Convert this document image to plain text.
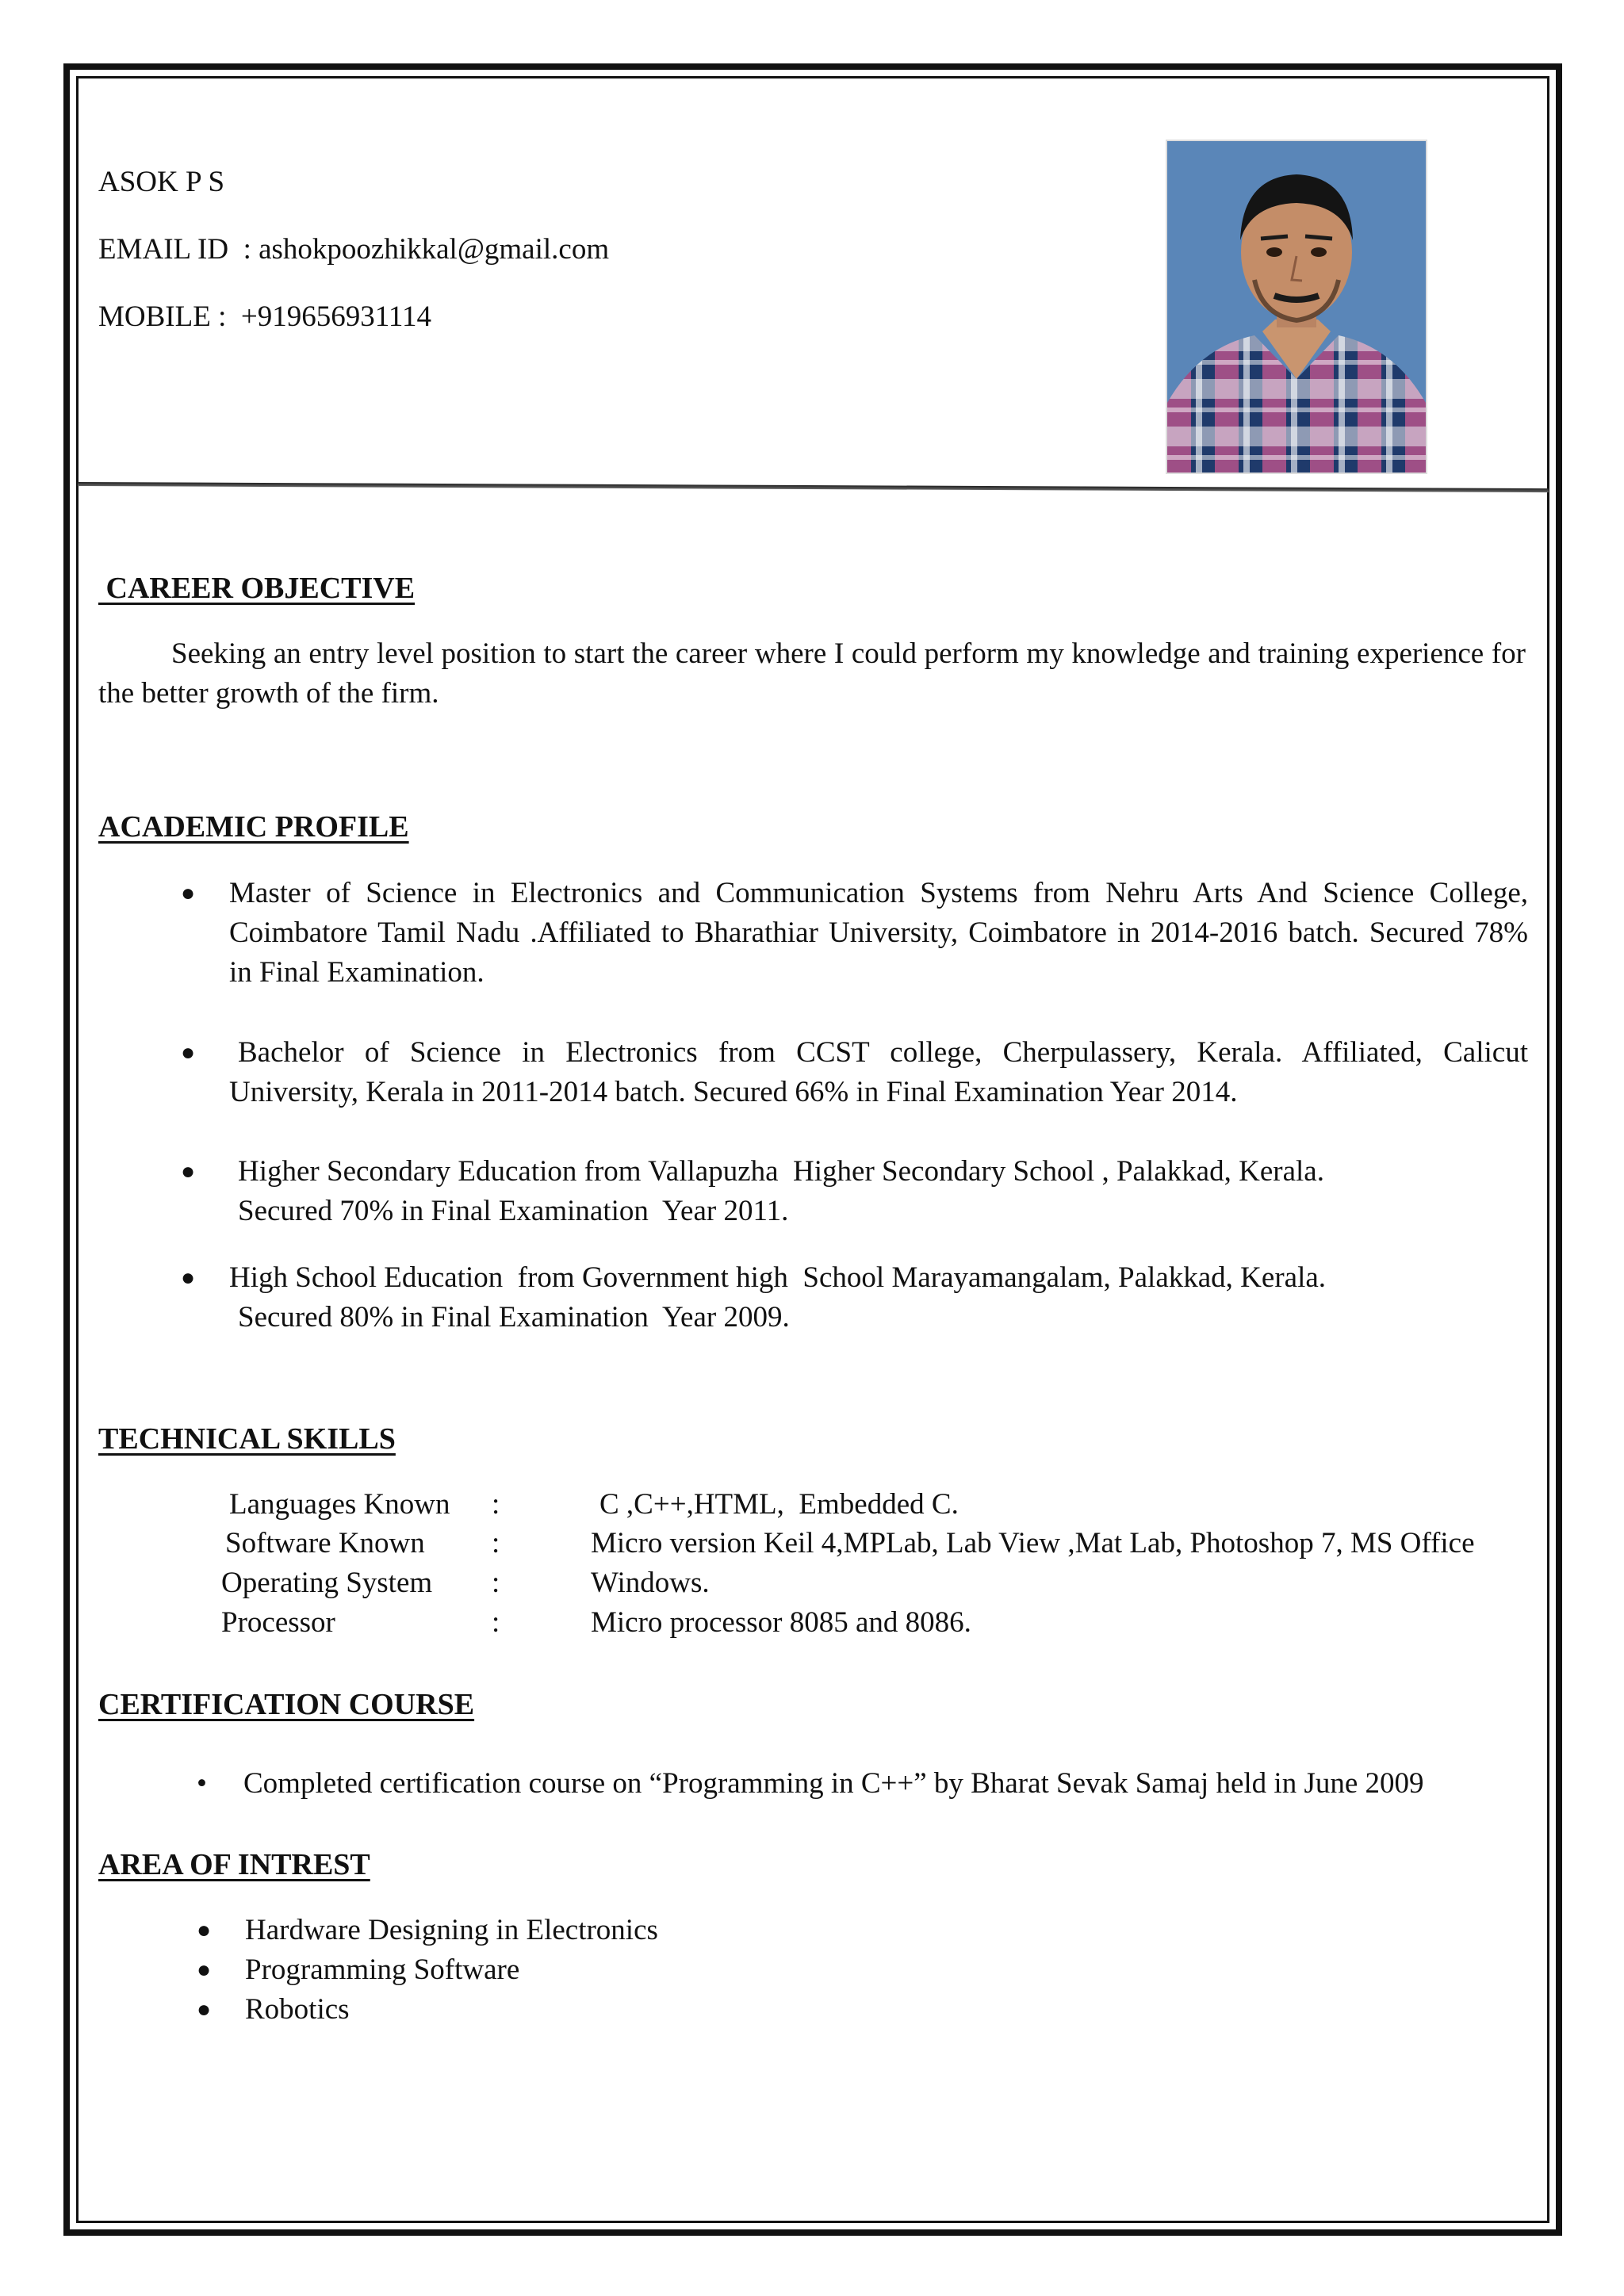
ASOK P S
EMAIL ID : ashokpoozhikkal@gmail.com
MOBILE : +919656931114
CAREER OBJECTIVE
Seeking an entry level position to start the career where I could perform my knowledge and training experience for the better growth of the firm.
ACADEMIC PROFILE
● Master of Science in Electronics and Communication Systems from Nehru Arts And Science College,
Coimbatore Tamil Nadu .Affiliated to Bharathiar University, Coimbatore in 2014-2016 batch. Secured 78%
in Final Examination.
● Bachelor of Science in Electronics from CCST college, Cherpulassery, Kerala. Affiliated, Calicut
University, Kerala in 2011-2014 batch. Secured 66% in Final Examination Year 2014.
● Higher Secondary Education from Vallapuzha  Higher Secondary School , Palakkad, Kerala.
Secured 70% in Final Examination  Year 2011.
● High School Education  from Government high  School Marayamangalam, Palakkad, Kerala.
Secured 80% in Final Examination  Year 2009.
TECHNICAL SKILLS
Languages Known :	C ,C++,HTML,  Embedded C.
Software Known :	Micro version Keil 4,MPLab, Lab View ,Mat Lab, Photoshop 7, MS Office
Operating System :	Windows.
Processor	:	Micro processor 8085 and 8086.
CERTIFICATION COURSE
• Completed certification course on “Programming in C++” by Bharat Sevak Samaj held in June 2009
AREA OF INTREST
● Hardware Designing in Electronics
● Programming Software
● Robotics
